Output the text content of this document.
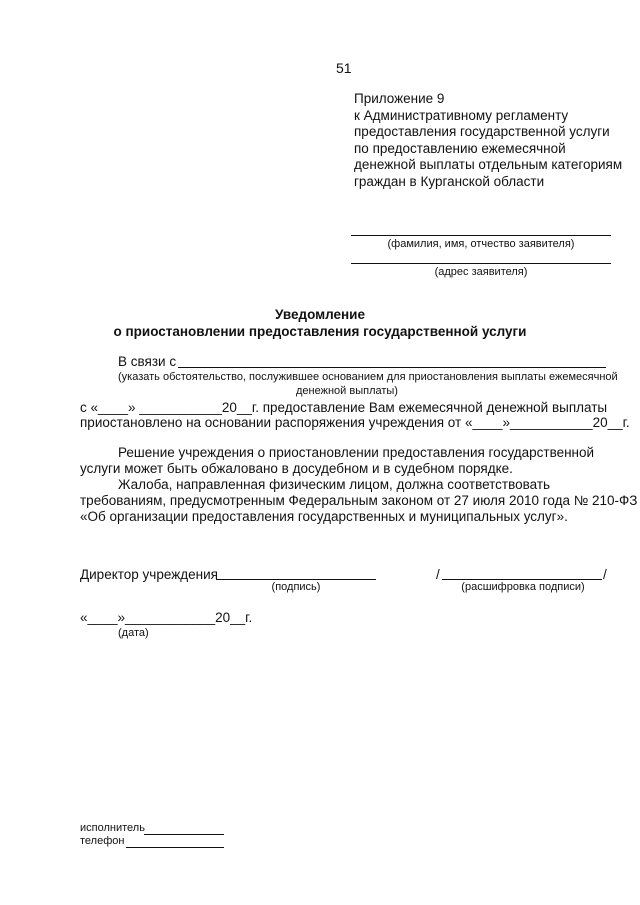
51
Приложение 9
к Административному регламенту
предоставления государственной услуги
по предоставлению ежемесячной
денежной выплаты отдельным категориям
граждан в Курганской области
(фамилия, имя, отчество заявителя)
(адрес заявителя)
Уведомление
о приостановлении предоставления государственной услуги
В связи с
(указать обстоятельство, послужившее основанием для приостановления выплаты ежемесячной
денежной выплаты)
с «____» ___________20__г. предоставление Вам ежемесячной денежной выплаты
приостановлено на основании распоряжения учреждения от «____»___________20__г.
Решение учреждения о приостановлении предоставления государственной
услуги может быть обжаловано в досудебном и в судебном порядке.
Жалоба, направленная физическим лицом, должна соответствовать
требованиям, предусмотренным Федеральным законом от 27 июля 2010 года № 210-ФЗ
«Об организации предоставления государственных и муниципальных услуг».
Директор учреждения
(подпись)
/	/
(расшифровка подписи)
«____»____________20__г.
(дата)
исполнитель
телефон
